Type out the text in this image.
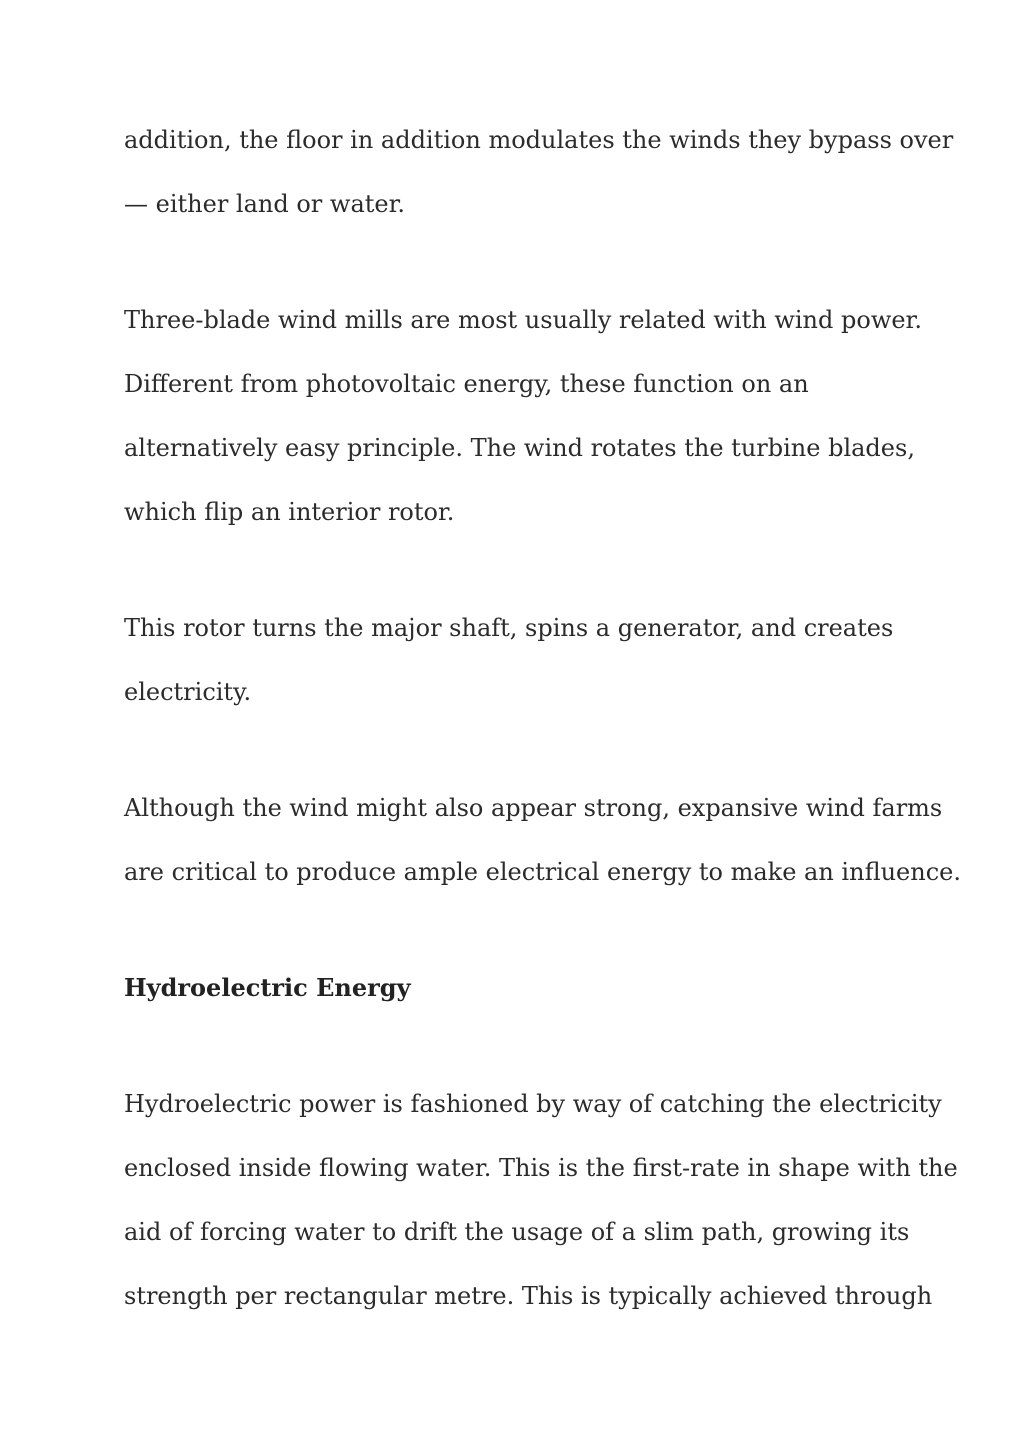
addition, the floor in addition modulates the winds they bypass over
— either land or water.

Three-blade wind mills are most usually related with wind power.
Different from photovoltaic energy, these function on an
alternatively easy principle. The wind rotates the turbine blades,
which flip an interior rotor.

This rotor turns the major shaft, spins a generator, and creates
electricity.

Although the wind might also appear strong, expansive wind farms
are critical to produce ample electrical energy to make an influence.

Hydroelectric Energy

Hydroelectric power is fashioned by way of catching the electricity
enclosed inside flowing water. This is the first-rate in shape with the
aid of forcing water to drift the usage of a slim path, growing its
strength per rectangular metre. This is typically achieved through
